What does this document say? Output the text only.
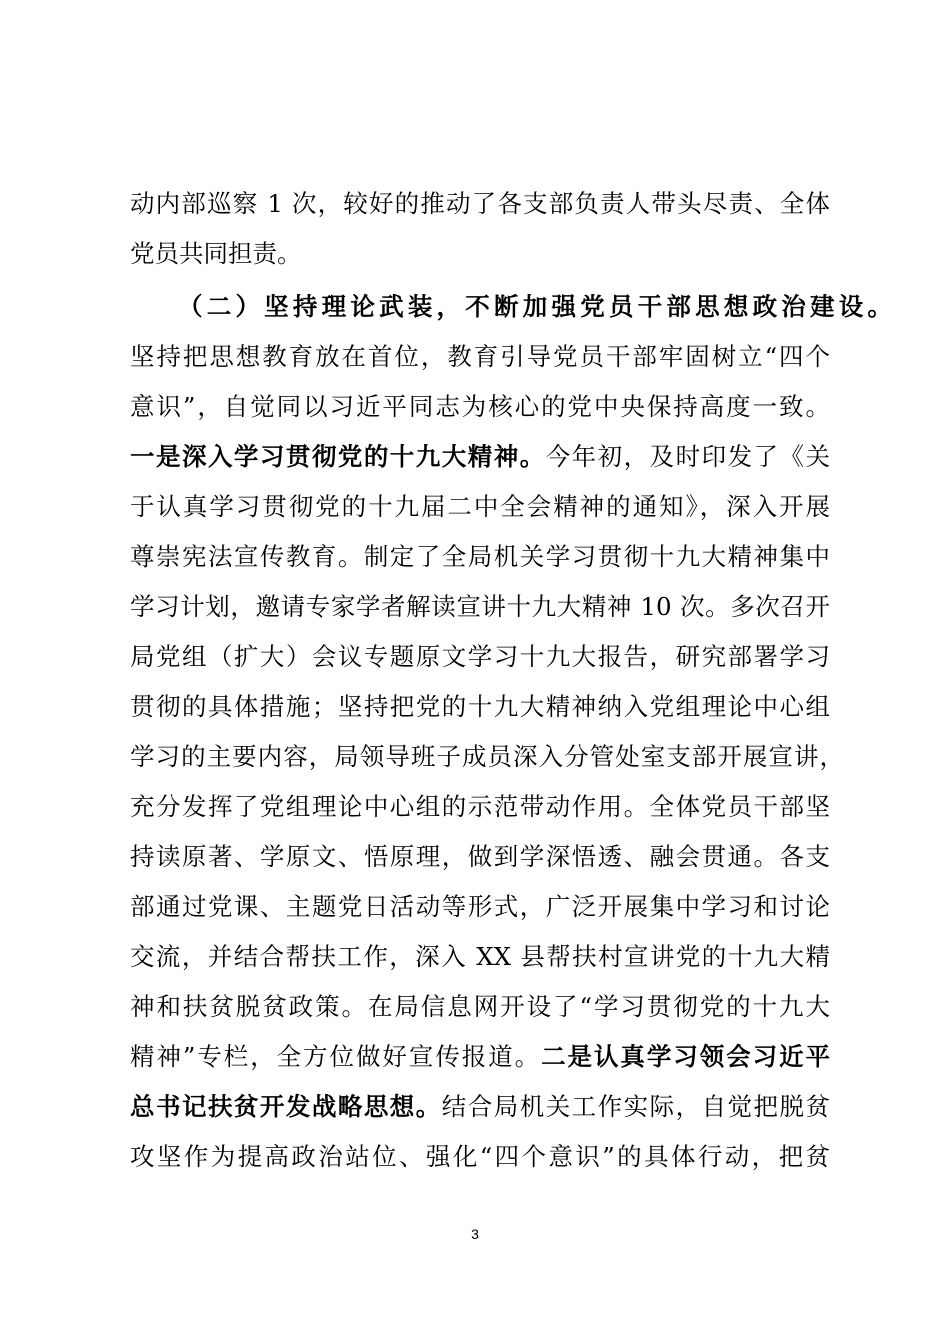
动内部巡察 1 次，较好的推动了各支部负责人带头尽责、全体
党员共同担责。
（二）坚持理论武装，不断加强党员干部思想政治建设。
坚持把思想教育放在首位，教育引导党员干部牢固树立“四个
意识”，自觉同以习近平同志为核心的党中央保持高度一致。
一是深入学习贯彻党的十九大精神。今年初，及时印发了《关
于认真学习贯彻党的十九届二中全会精神的通知》，深入开展
尊崇宪法宣传教育。制定了全局机关学习贯彻十九大精神集中
学习计划，邀请专家学者解读宣讲十九大精神 10 次。多次召开
局党组（扩大）会议专题原文学习十九大报告，研究部署学习
贯彻的具体措施；坚持把党的十九大精神纳入党组理论中心组
学习的主要内容，局领导班子成员深入分管处室支部开展宣讲，
充分发挥了党组理论中心组的示范带动作用。全体党员干部坚
持读原著、学原文、悟原理，做到学深悟透、融会贯通。各支
部通过党课、主题党日活动等形式，广泛开展集中学习和讨论
交流，并结合帮扶工作，深入 XX 县帮扶村宣讲党的十九大精
神和扶贫脱贫政策。在局信息网开设了“学习贯彻党的十九大
精神”专栏，全方位做好宣传报道。二是认真学习领会习近平
总书记扶贫开发战略思想。结合局机关工作实际，自觉把脱贫
攻坚作为提高政治站位、强化“四个意识”的具体行动，把贫
3
